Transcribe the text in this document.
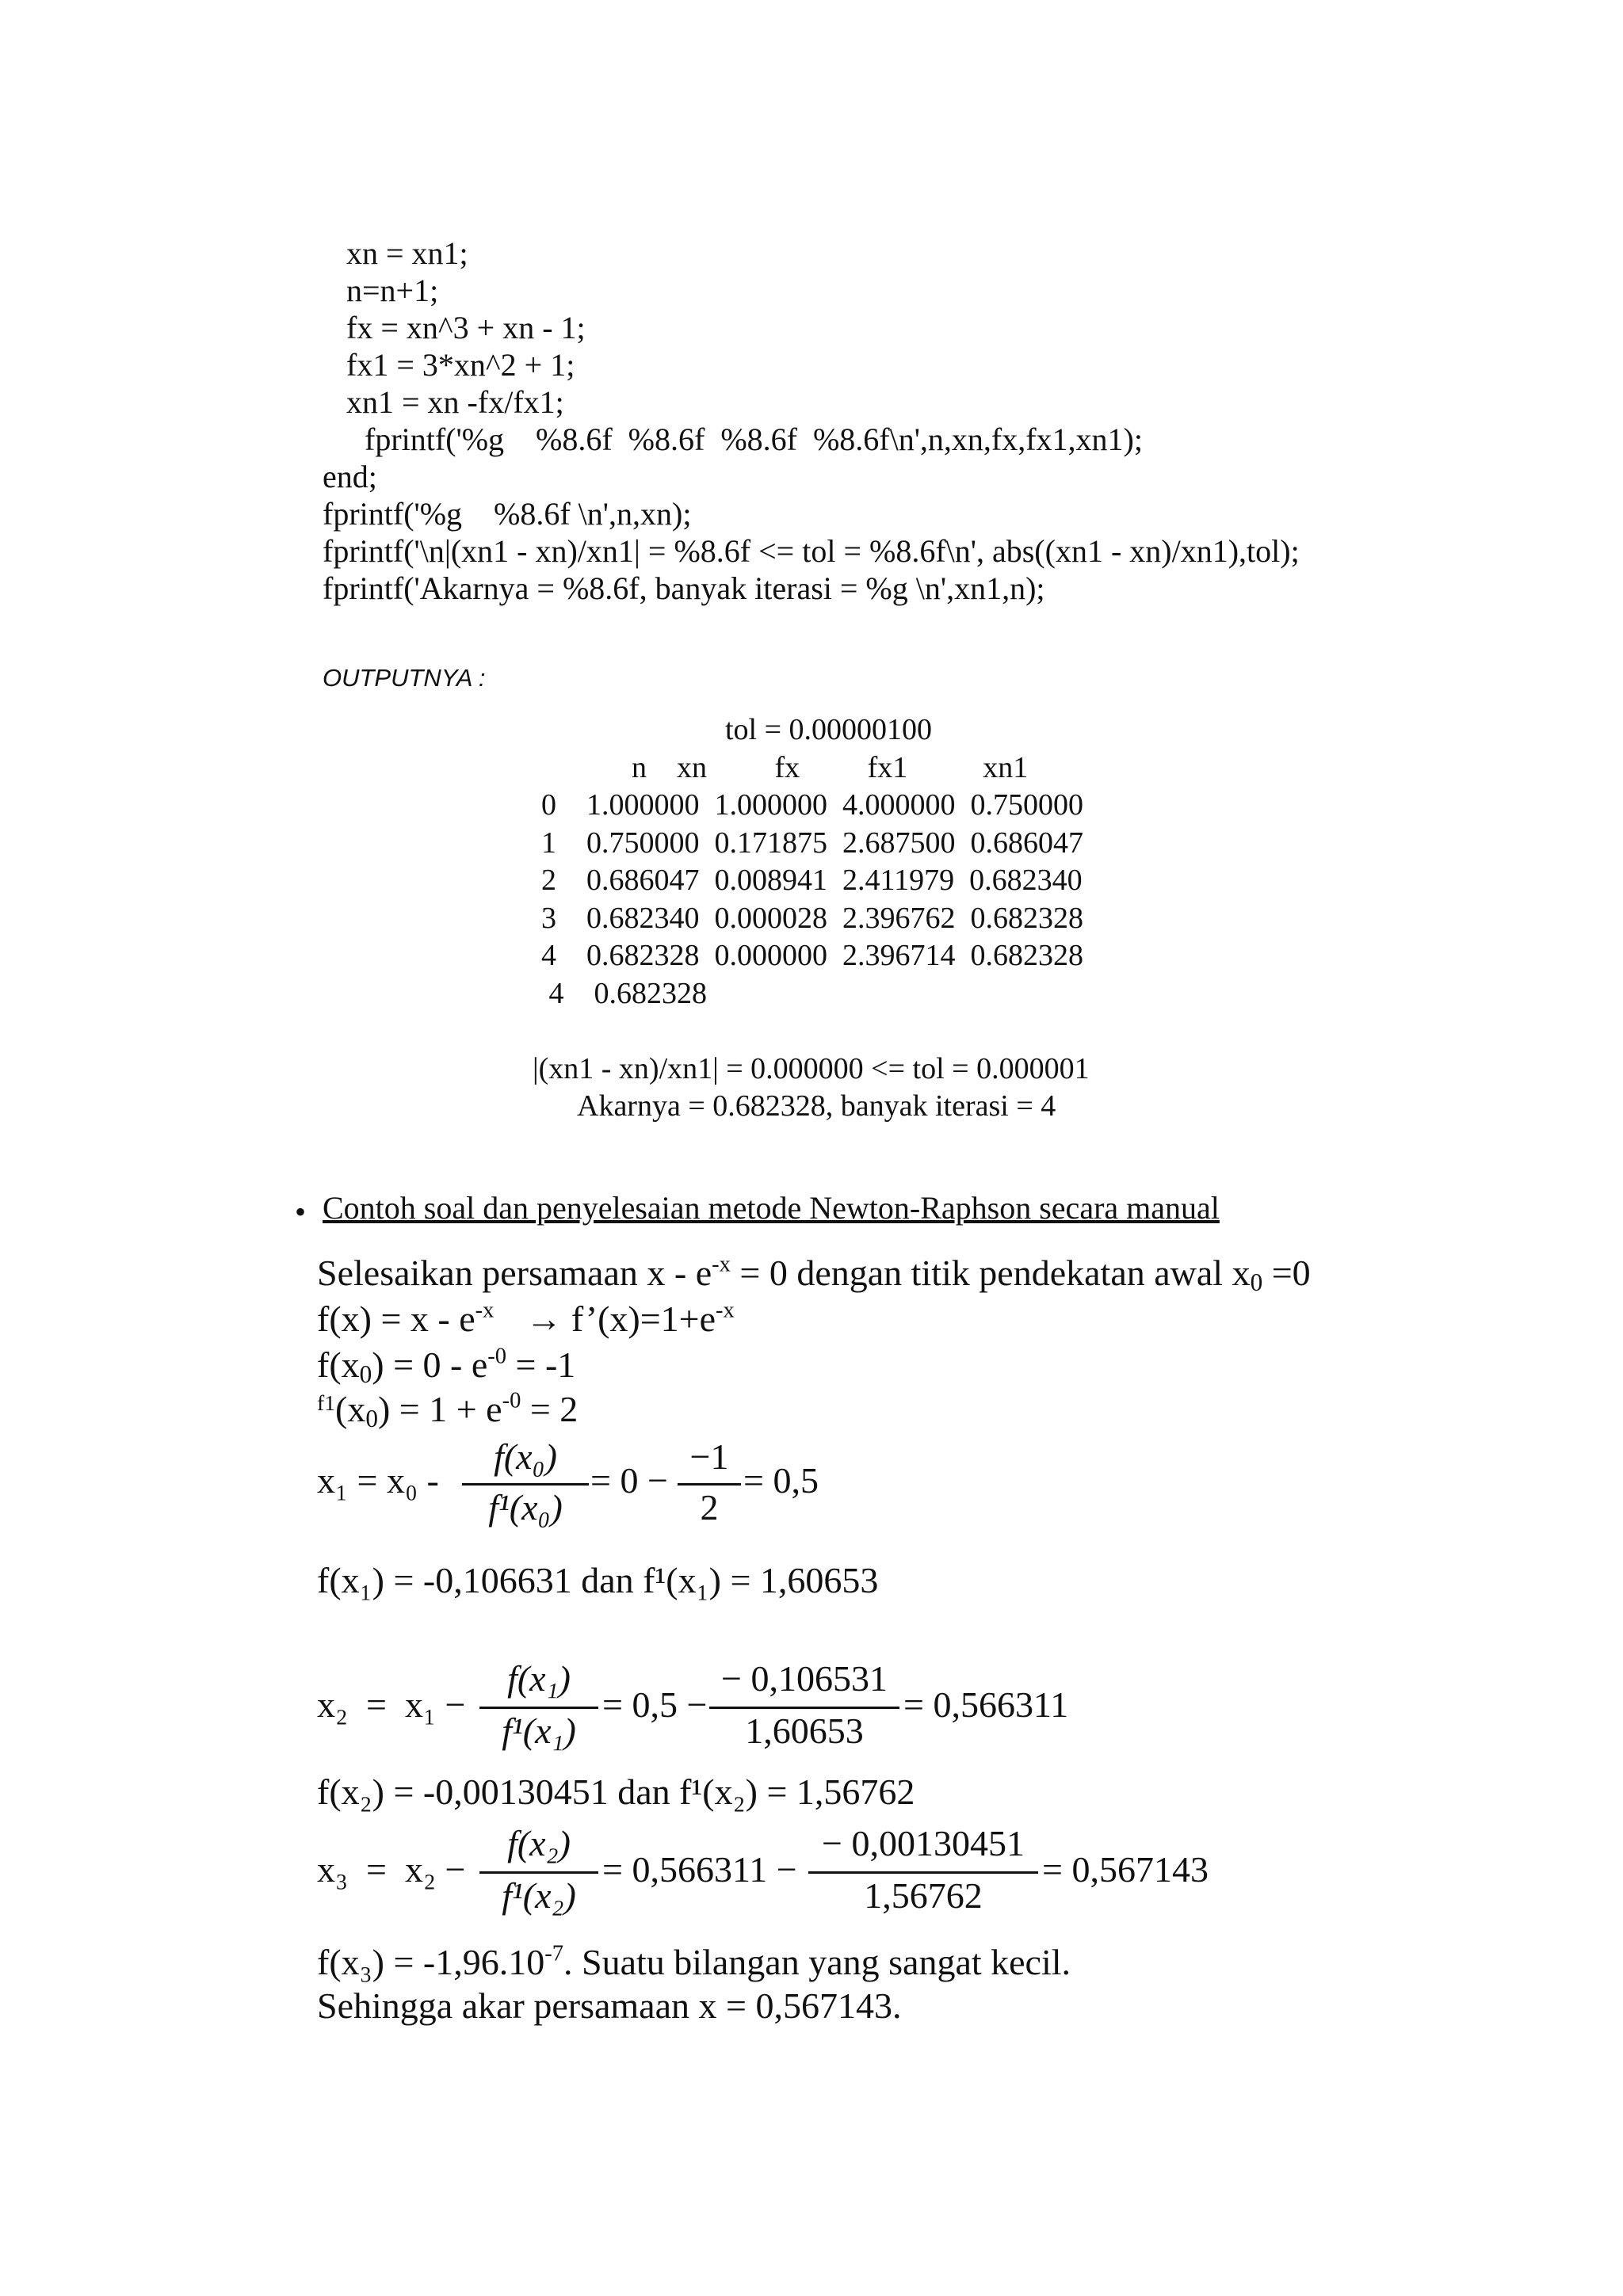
xn = xn1;
n=n+1;
fx = xn^3 + xn - 1;
fx1 = 3*xn^2 + 1;
xn1 = xn -fx/fx1;
fprintf('%g    %8.6f  %8.6f  %8.6f  %8.6f\n',n,xn,fx,fx1,xn1);
end;
fprintf('%g    %8.6f \n',n,xn);
fprintf('\n|(xn1 - xn)/xn1| = %8.6f <= tol = %8.6f\n', abs((xn1 - xn)/xn1),tol);
fprintf('Akarnya = %8.6f, banyak iterasi = %g \n',xn1,n);
OUTPUTNYA :
tol = 0.00000100
n    xn         fx         fx1          xn1
0    1.000000  1.000000  4.000000  0.750000
1    0.750000  0.171875  2.687500  0.686047
2    0.686047  0.008941  2.411979  0.682340
3    0.682340  0.000028  2.396762  0.682328
4    0.682328  0.000000  2.396714  0.682328
4    0.682328
|(xn1 - xn)/xn1| = 0.000000 <= tol = 0.000001
Akarnya = 0.682328, banyak iterasi = 4
• Contoh soal dan penyelesaian metode Newton-Raphson secara manual
Selesaikan persamaan $x - e^{-x} = 0$ dengan titik pendekatan awal $x_0 =0$
$f(x) = x - e^{-x}$ → $f’(x)=1+e^{-x}$
$f(x_0) = 0 - e^{-0} = -1$
$^{f1}(x_0) = 1 + e^{-0} = 2$
x₁ = x₀ -
f(x₀)
f¹(x₀)
= 0 −
−1
2
= 0,5
f(x₁) = -0,106631 dan f¹(x₁) = 1,60653
x₂  =  x₁ −
f(x₁)
f¹(x₁)
= 0,5 −
− 0,106531
1,60653
= 0,566311
f(x₂) = -0,00130451 dan f¹(x₂) = 1,56762
x₃  =  x₂ −
f(x₂)
f¹(x₂)
= 0,566311 −
− 0,00130451
1,56762
= 0,567143
$f(x_3) = -1,96.10^{-7}$. Suatu bilangan yang sangat kecil.
Sehingga akar persamaan x = 0,567143.
